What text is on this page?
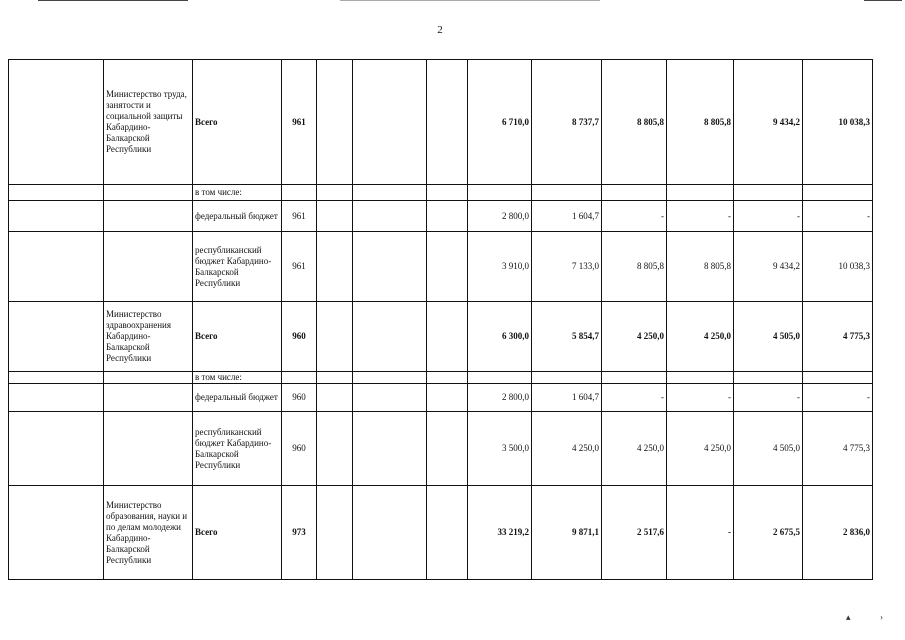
2
	Министерство труда, занятости и социальной защиты Кабардино-Балкарской Республики	Всего	961				6 710,0	8 737,7	8 805,8	8 805,8	9 434,2	10 038,3
		в том числе:										
		федеральный бюджет	961				2 800,0	1 604,7	-	-	-	-
		республиканский бюджет Кабардино-Балкарской Республики	961				3 910,0	7 133,0	8 805,8	8 805,8	9 434,2	10 038,3
	Министерство здравоохранения Кабардино-Балкарской Республики	Всего	960				6 300,0	5 854,7	4 250,0	4 250,0	4 505,0	4 775,3
		в том числе:										
		федеральный бюджет	960				2 800,0	1 604,7	-	-	-	-
		республиканский бюджет Кабардино-Балкарской Республики	960				3 500,0	4 250,0	4 250,0	4 250,0	4 505,0	4 775,3
	Министерство образования, науки и по делам молодежи Кабардино-Балкарской Республики	Всего	973				33 219,2	9 871,1	2 517,6	-	2 675,5	2 836,0
▴	›
